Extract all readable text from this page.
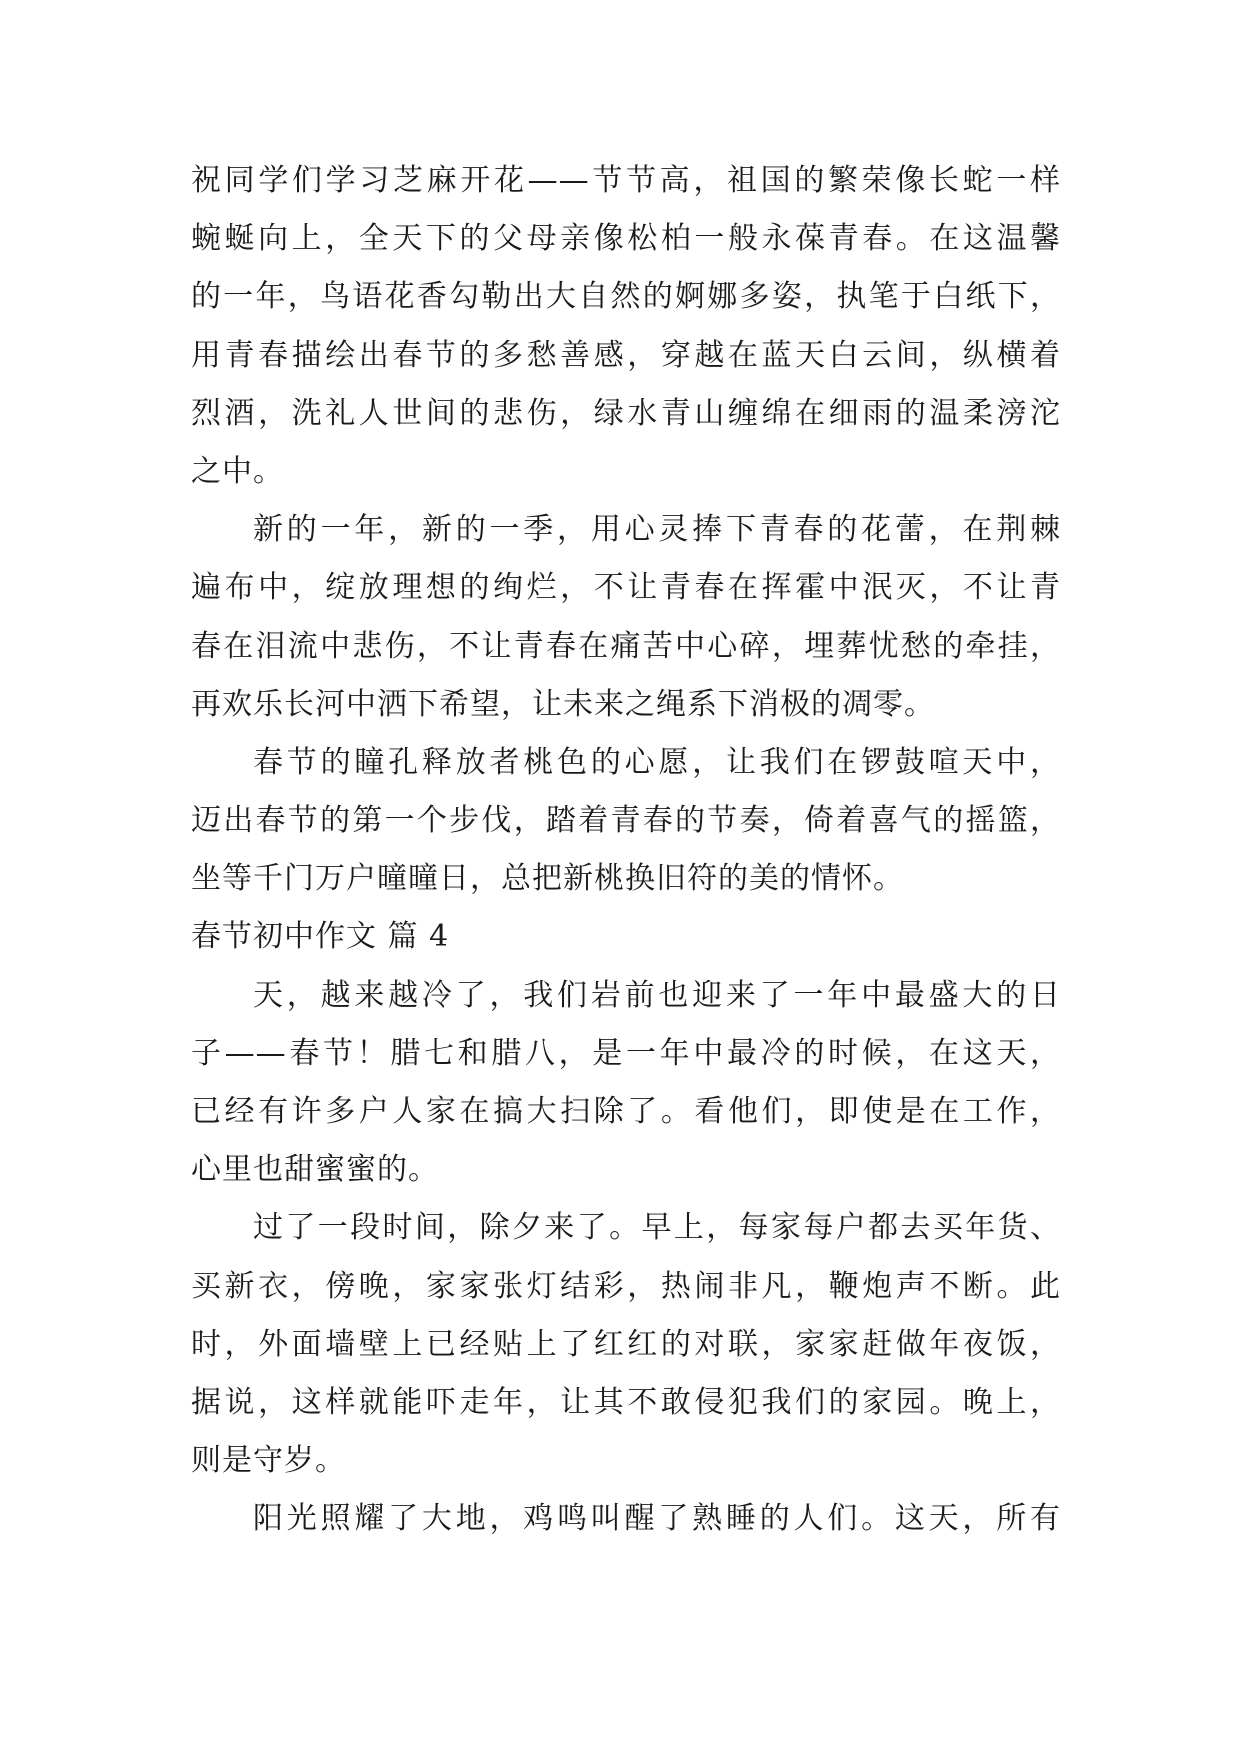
祝同学们学习芝麻开花——节节高，祖国的繁荣像长蛇一样
蜿蜒向上，全天下的父母亲像松柏一般永葆青春。在这温馨
的一年，鸟语花香勾勒出大自然的婀娜多姿，执笔于白纸下，
用青春描绘出春节的多愁善感，穿越在蓝天白云间，纵横着
烈酒，洗礼人世间的悲伤，绿水青山缠绵在细雨的温柔滂沱
之中。
新的一年，新的一季，用心灵捧下青春的花蕾，在荆棘
遍布中，绽放理想的绚烂，不让青春在挥霍中泯灭，不让青
春在泪流中悲伤，不让青春在痛苦中心碎，埋葬忧愁的牵挂，
再欢乐长河中洒下希望，让未来之绳系下消极的凋零。
春节的瞳孔释放者桃色的心愿，让我们在锣鼓喧天中，
迈出春节的第一个步伐，踏着青春的节奏，倚着喜气的摇篮，
坐等千门万户曈曈日，总把新桃换旧符的美的情怀。
春节初中作文 篇 4
天，越来越冷了，我们岩前也迎来了一年中最盛大的日
子——春节！腊七和腊八，是一年中最冷的时候，在这天，
已经有许多户人家在搞大扫除了。看他们，即使是在工作，
心里也甜蜜蜜的。
过了一段时间，除夕来了。早上，每家每户都去买年货、
买新衣，傍晚，家家张灯结彩，热闹非凡，鞭炮声不断。此
时，外面墙壁上已经贴上了红红的对联，家家赶做年夜饭，
据说，这样就能吓走年，让其不敢侵犯我们的家园。晚上，
则是守岁。
阳光照耀了大地，鸡鸣叫醒了熟睡的人们。这天，所有
